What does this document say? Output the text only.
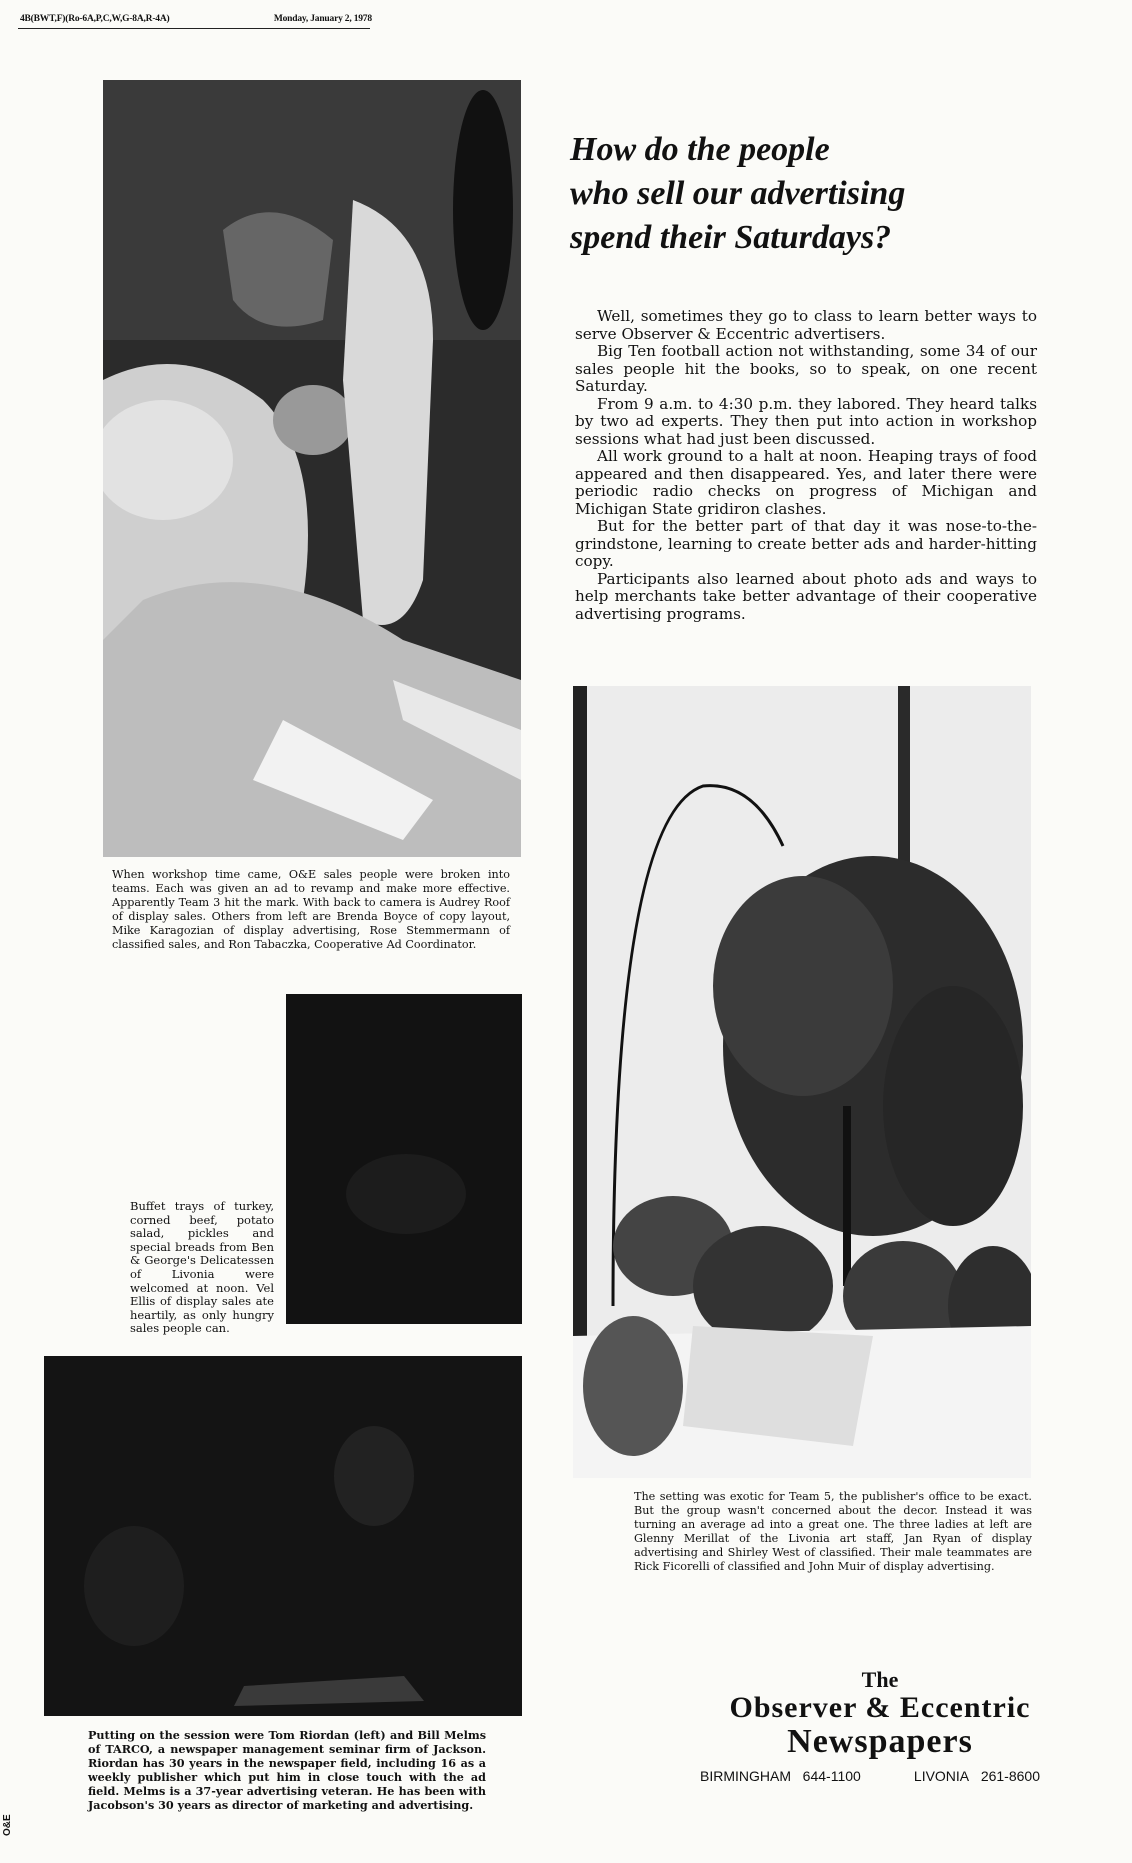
4B(BWT,F)(Ro-6A,P,C,W,G-8A,R-4A)	Monday, January 2, 1978
When workshop time came, O&E sales people were broken into teams. Each was given an ad to revamp and make more effective. Apparently Team 3 hit the mark. With back to camera is Audrey Roof of display sales. Others from left are Brenda Boyce of copy layout, Mike Karagozian of display advertising, Rose Stemmermann of classified sales, and Ron Tabaczka, Cooperative Ad Coordinator.
Buffet trays of turkey, corned beef, potato salad, pickles and special breads from Ben & George's Delicatessen of Livonia were welcomed at noon. Vel Ellis of display sales ate heartily, as only hungry sales people can.
Putting on the session were Tom Riordan (left) and Bill Melms of TARCO, a newspaper management seminar firm of Jackson. Riordan has 30 years in the newspaper field, including 16 as a weekly publisher which put him in close touch with the ad field. Melms is a 37-year advertising veteran. He has been with Jacobson's 30 years as director of marketing and advertising.
How do the people
who sell our advertising
spend their Saturdays?

Well, sometimes they go to class to learn better ways to serve Observer & Eccentric advertisers.

Big Ten football action not withstanding, some 34 of our sales people hit the books, so to speak, on one recent Saturday.

From 9 a.m. to 4:30 p.m. they labored. They heard talks by two ad experts. They then put into action in workshop sessions what had just been discussed.

All work ground to a halt at noon. Heaping trays of food appeared and then disappeared. Yes, and later there were periodic radio checks on progress of Michigan and Michigan State gridiron clashes.

But for the better part of that day it was nose-to-the-grindstone, learning to create better ads and harder-hitting copy.

Participants also learned about photo ads and ways to help merchants take better advantage of their cooperative advertising programs.

The setting was exotic for Team 5, the publisher's office to be exact. But the group wasn't concerned about the decor. Instead it was turning an average ad into a great one. The three ladies at left are Glenny Merillat of the Livonia art staff, Jan Ryan of display advertising and Shirley West of classified. Their male teammates are Rick Ficorelli of classified and John Muir of display advertising.
The
Observer & Eccentric
Newspapers
BIRMINGHAM 644-1100	LIVONIA 261-8600
O&E
